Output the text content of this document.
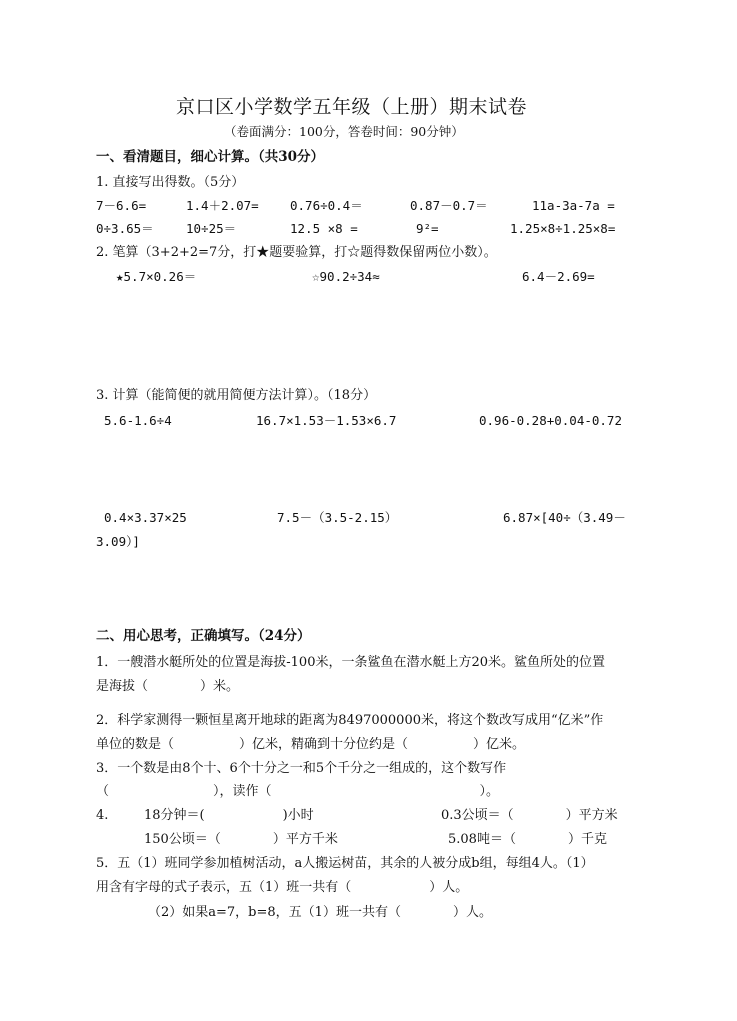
京口区小学数学五年级（上册）期末试卷
（卷面满分：100分，答卷时间：90分钟）
一、看清题目，细心计算。（共30分）
1. 直接写出得数。（5分）
7－6.6=	1.4＋2.07=	0.76÷0.4＝	0.87－0.7＝	11a-3a-7a =
0÷3.65＝	10÷25＝	12.5 ×8 =	9²=	1.25×8÷1.25×8=
2. 笔算（3+2+2=7分，打★题要验算，打☆题得数保留两位小数）。
★5.7×0.26＝	☆90.2÷34≈	6.4－2.69=
3. 计算（能简便的就用简便方法计算）。（18分）
5.6-1.6÷4	16.7×1.53－1.53×6.7	0.96-0.28+0.04-0.72
0.4×3.37×25	7.5－（3.5-2.15）	6.87×[40÷（3.49－
3.09）]
二、用心思考，正确填写。（24分）
1．一艘潜水艇所处的位置是海拔-100米，一条鲨鱼在潜水艇上方20米。鲨鱼所处的位置
是海拔（　　　　）米。
2．科学家测得一颗恒星离开地球的距离为8497000000米，将这个数改写成用“亿米”作
单位的数是（　　　　　）亿米，精确到十分位约是（　　　　　）亿米。
3．一个数是由8个十、6个十分之一和5个千分之一组成的，这个数写作
（　　　　　　　　），读作（　　　　　　　　　　　　　　　　）。
4.	18分钟＝(　　　　　　)小时	0.3公顷＝（　　　　）平方米
150公顷＝（　　　　）平方千米	5.08吨＝（　　　　）千克
5．五（1）班同学参加植树活动，a人搬运树苗，其余的人被分成b组，每组4人。（1）
用含有字母的式子表示，五（1）班一共有（　　　　　　）人。
（2）如果a=7，b=8，五（1）班一共有（　　　　）人。
